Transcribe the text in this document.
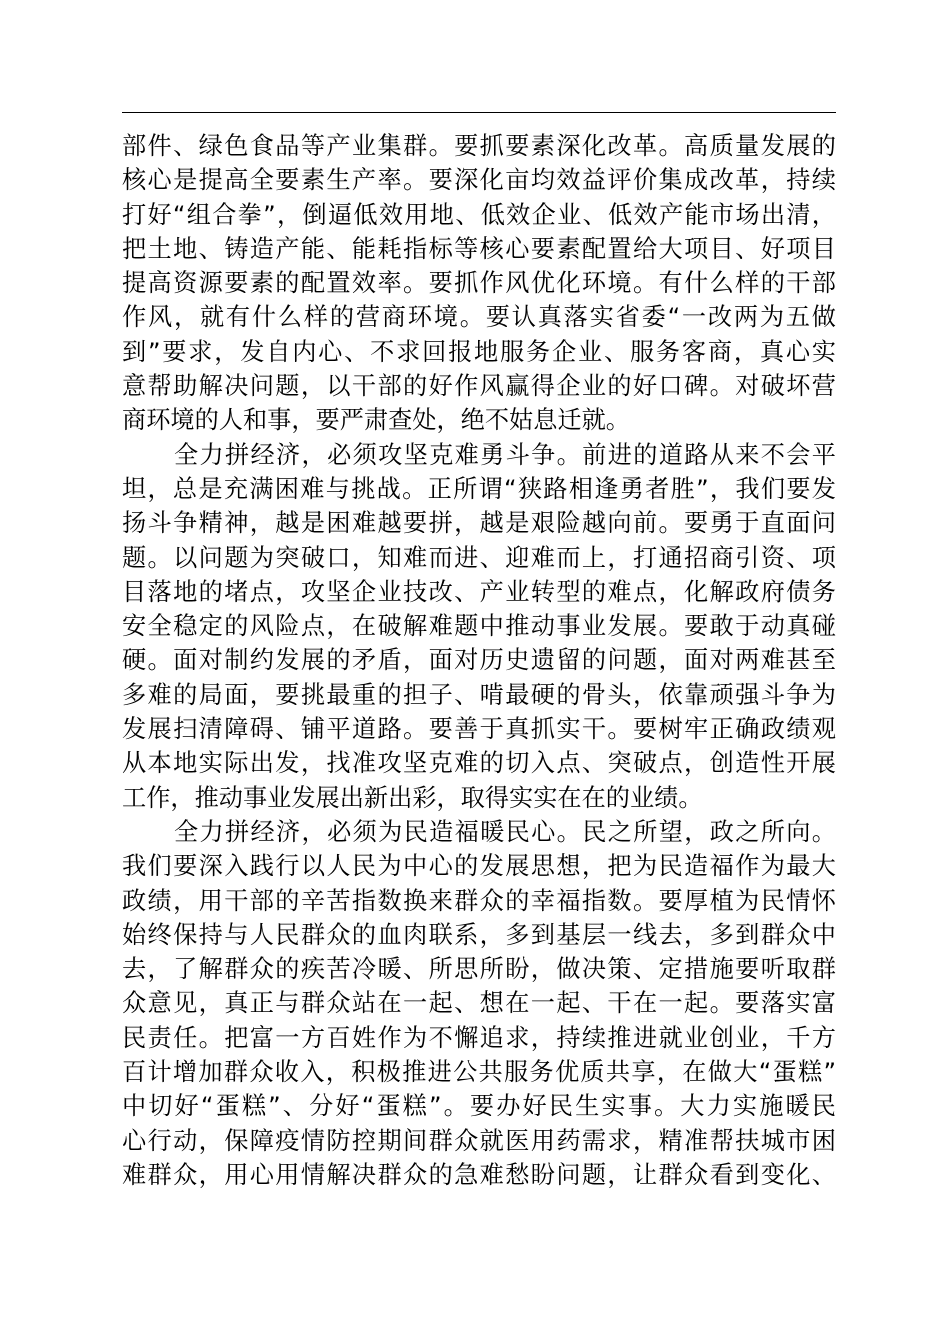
部件、绿色食品等产业集群。要抓要素深化改革。高质量发展的
核心是提高全要素生产率。要深化亩均效益评价集成改革，持续
打好“组合拳”，倒逼低效用地、低效企业、低效产能市场出清，
把土地、铸造产能、能耗指标等核心要素配置给大项目、好项目
提高资源要素的配置效率。要抓作风优化环境。有什么样的干部
作风，就有什么样的营商环境。要认真落实省委“一改两为五做
到”要求，发自内心、不求回报地服务企业、服务客商，真心实
意帮助解决问题，以干部的好作风赢得企业的好口碑。对破坏营
商环境的人和事，要严肃查处，绝不姑息迁就。
全力拼经济，必须攻坚克难勇斗争。前进的道路从来不会平
坦，总是充满困难与挑战。正所谓“狭路相逢勇者胜”，我们要发
扬斗争精神，越是困难越要拼，越是艰险越向前。要勇于直面问
题。以问题为突破口，知难而进、迎难而上，打通招商引资、项
目落地的堵点，攻坚企业技改、产业转型的难点，化解政府债务
安全稳定的风险点，在破解难题中推动事业发展。要敢于动真碰
硬。面对制约发展的矛盾，面对历史遗留的问题，面对两难甚至
多难的局面，要挑最重的担子、啃最硬的骨头，依靠顽强斗争为
发展扫清障碍、铺平道路。要善于真抓实干。要树牢正确政绩观
从本地实际出发，找准攻坚克难的切入点、突破点，创造性开展
工作，推动事业发展出新出彩，取得实实在在的业绩。
全力拼经济，必须为民造福暖民心。民之所望，政之所向。
我们要深入践行以人民为中心的发展思想，把为民造福作为最大
政绩，用干部的辛苦指数换来群众的幸福指数。要厚植为民情怀
始终保持与人民群众的血肉联系，多到基层一线去，多到群众中
去，了解群众的疾苦冷暖、所思所盼，做决策、定措施要听取群
众意见，真正与群众站在一起、想在一起、干在一起。要落实富
民责任。把富一方百姓作为不懈追求，持续推进就业创业，千方
百计增加群众收入，积极推进公共服务优质共享，在做大“蛋糕”
中切好“蛋糕”、分好“蛋糕”。要办好民生实事。大力实施暖民
心行动，保障疫情防控期间群众就医用药需求，精准帮扶城市困
难群众，用心用情解决群众的急难愁盼问题，让群众看到变化、
